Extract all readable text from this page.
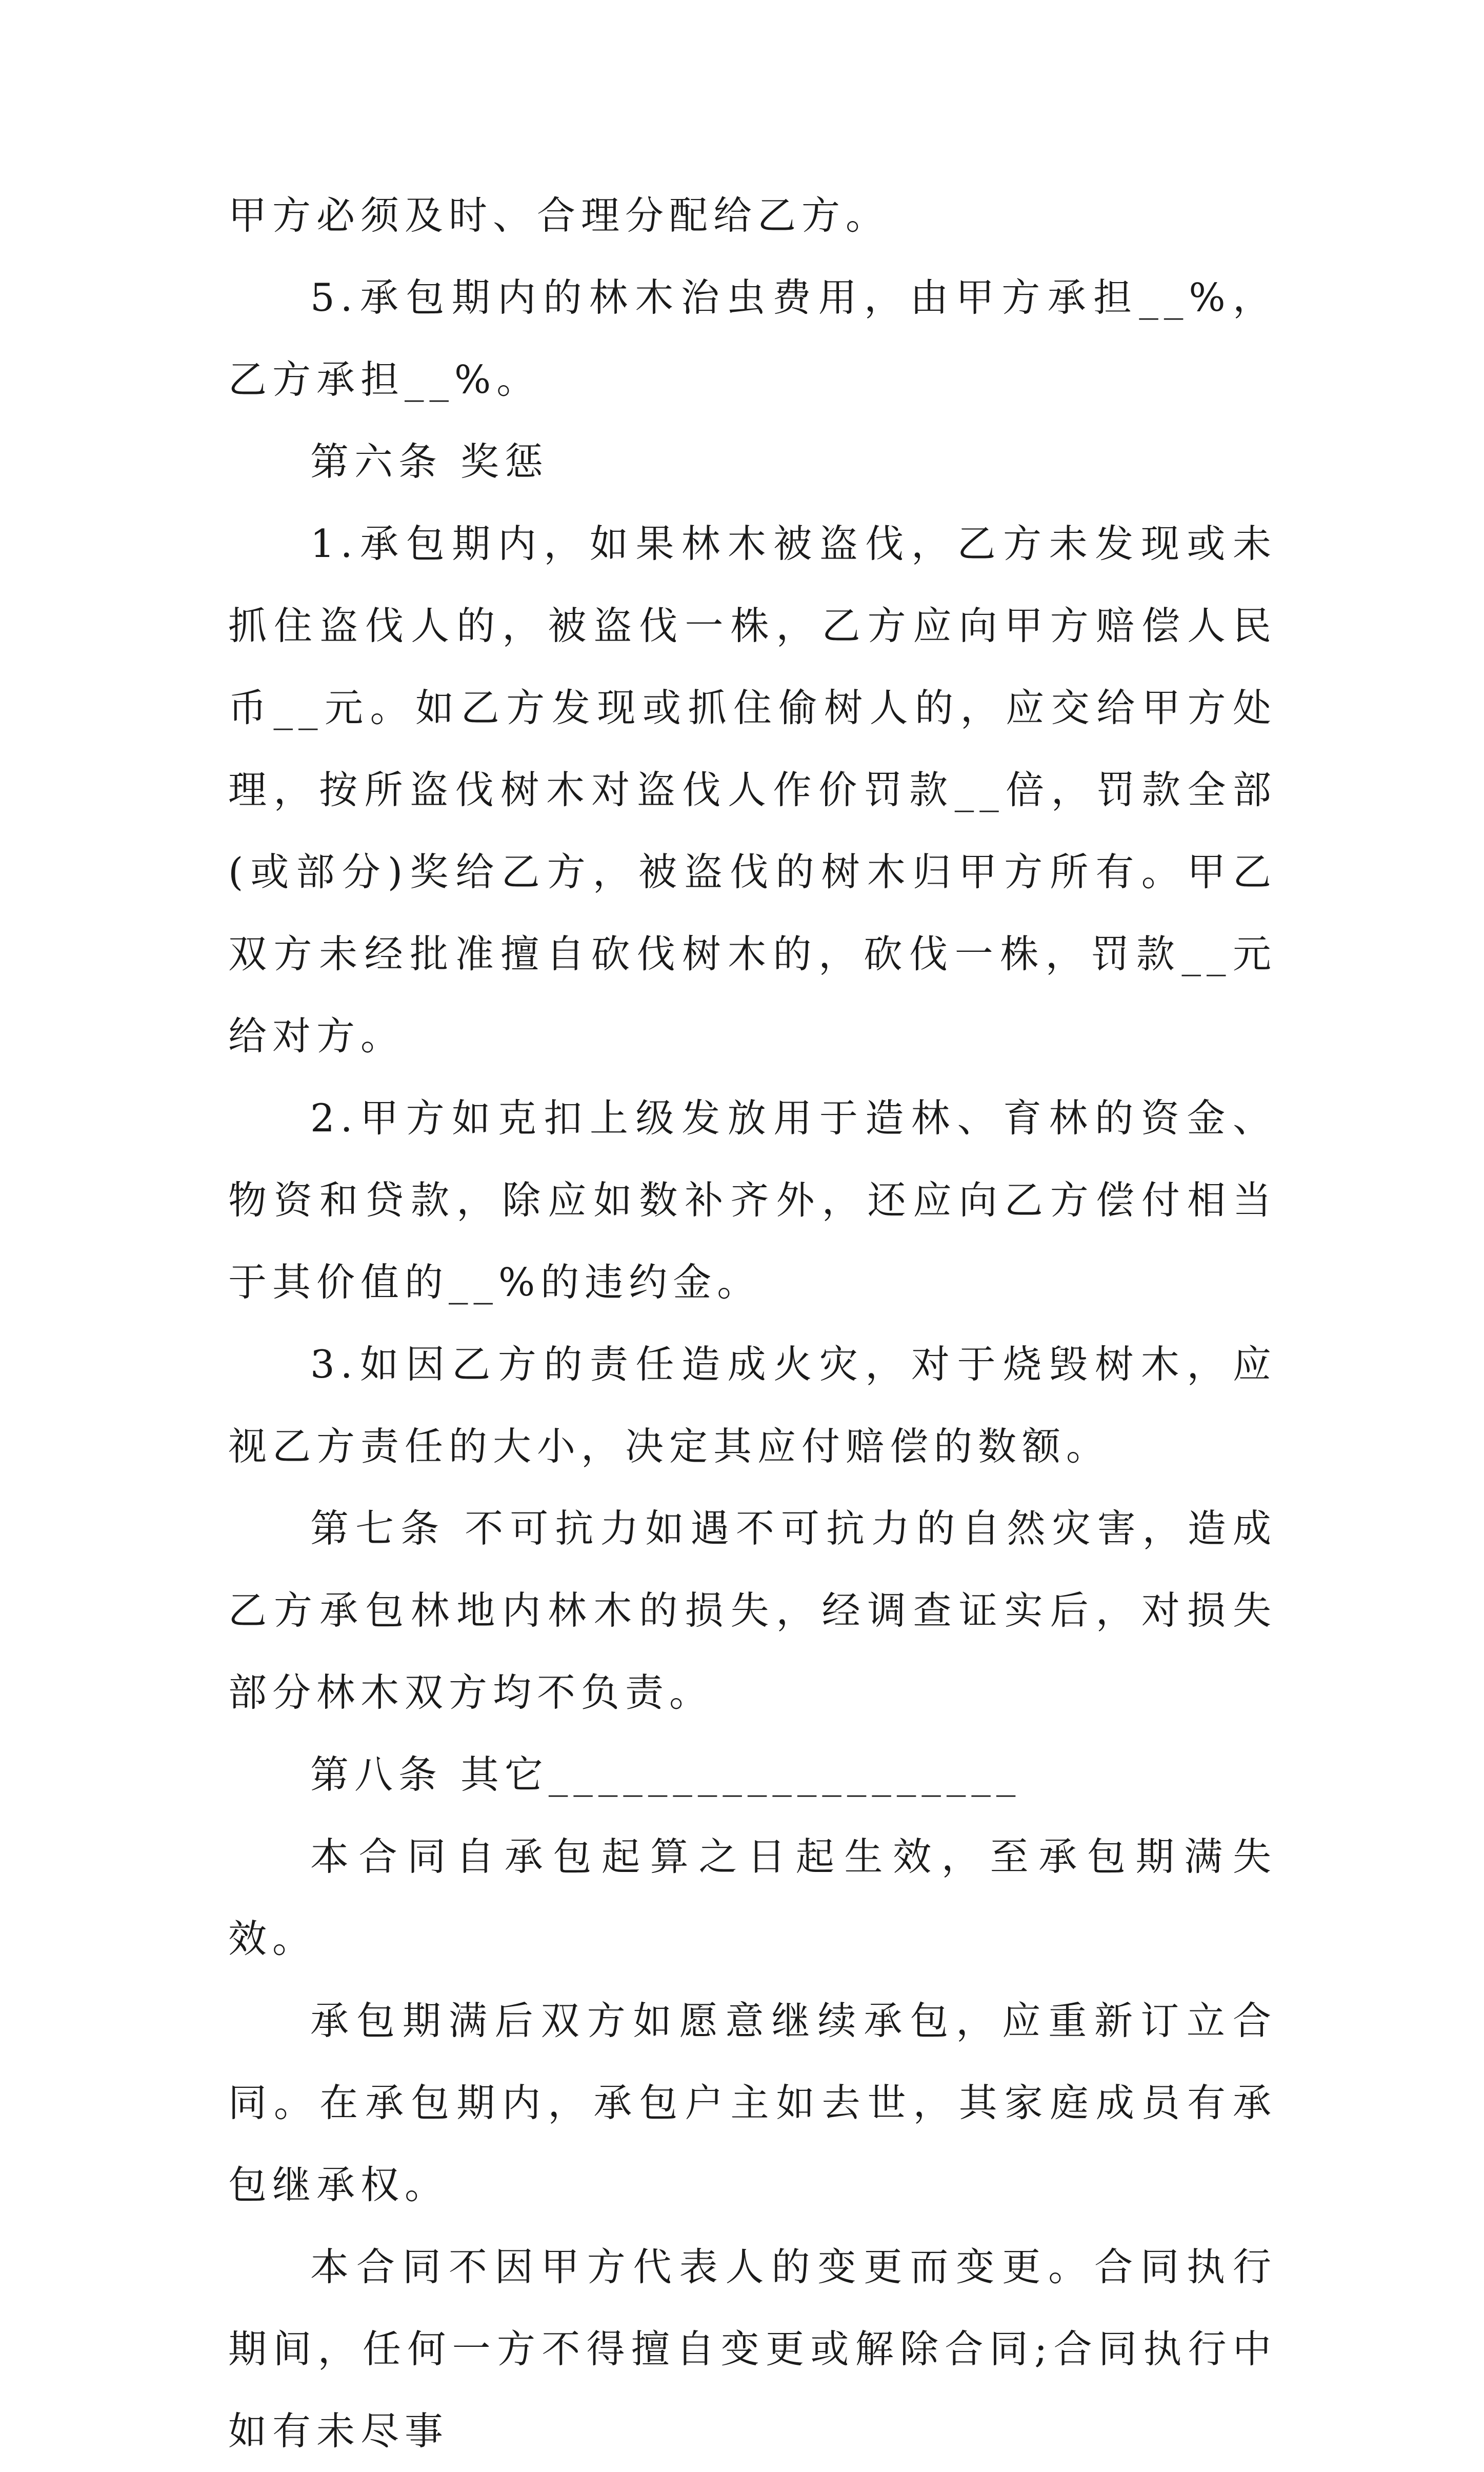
甲方必须及时、合理分配给乙方。

5.承包期内的林木治虫费用，由甲方承担__%，乙方承担__%。

第六条 奖惩

1.承包期内，如果林木被盗伐，乙方未发现或未抓住盗伐人的，被盗伐一株，乙方应向甲方赔偿人民币__元。如乙方发现或抓住偷树人的，应交给甲方处理，按所盗伐树木对盗伐人作价罚款__倍，罚款全部(或部分)奖给乙方，被盗伐的树木归甲方所有。甲乙双方未经批准擅自砍伐树木的，砍伐一株，罚款__元给对方。

2.甲方如克扣上级发放用于造林、育林的资金、物资和贷款，除应如数补齐外，还应向乙方偿付相当于其价值的__%的违约金。

3.如因乙方的责任造成火灾，对于烧毁树木，应视乙方责任的大小，决定其应付赔偿的数额。

第七条 不可抗力如遇不可抗力的自然灾害，造成乙方承包林地内林木的损失，经调查证实后，对损失部分林木双方均不负责。

第八条 其它___________________

本合同自承包起算之日起生效，至承包期满失效。

承包期满后双方如愿意继续承包，应重新订立合同。在承包期内，承包户主如去世，其家庭成员有承包继承权。

本合同不因甲方代表人的变更而变更。合同执行期间，任何一方不得擅自变更或解除合同;合同执行中如有未尽事
